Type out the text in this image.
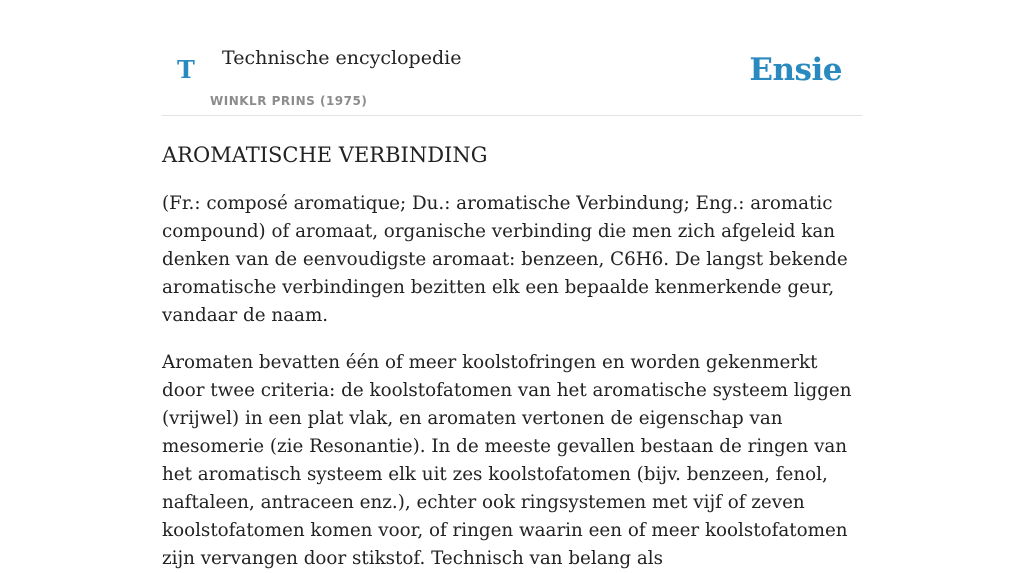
T Technische encyclopedie
WINKLR PRINS (1975)
Ensie
AROMATISCHE VERBINDING

(Fr.: composé aromatique; Du.: aromatische Verbindung; Eng.: aromatic compound) of aromaat, organische verbinding die men zich afgeleid kan denken van de eenvoudigste aromaat: benzeen, C6H6. De langst bekende aromatische verbindingen bezitten elk een bepaalde kenmerkende geur, vandaar de naam.

Aromaten bevatten één of meer koolstofringen en worden gekenmerkt door twee criteria: de koolstofatomen van het aromatische systeem liggen (vrijwel) in een plat vlak, en aromaten vertonen de eigenschap van mesomerie (zie Resonantie). In de meeste gevallen bestaan de ringen van het aromatisch systeem elk uit zes koolstofatomen (bijv. benzeen, fenol, naftaleen, antraceen enz.), echter ook ringsystemen met vijf of zeven koolstofatomen komen voor, of ringen waarin een of meer koolstofatomen zijn vervangen door stikstof. Technisch van belang als
